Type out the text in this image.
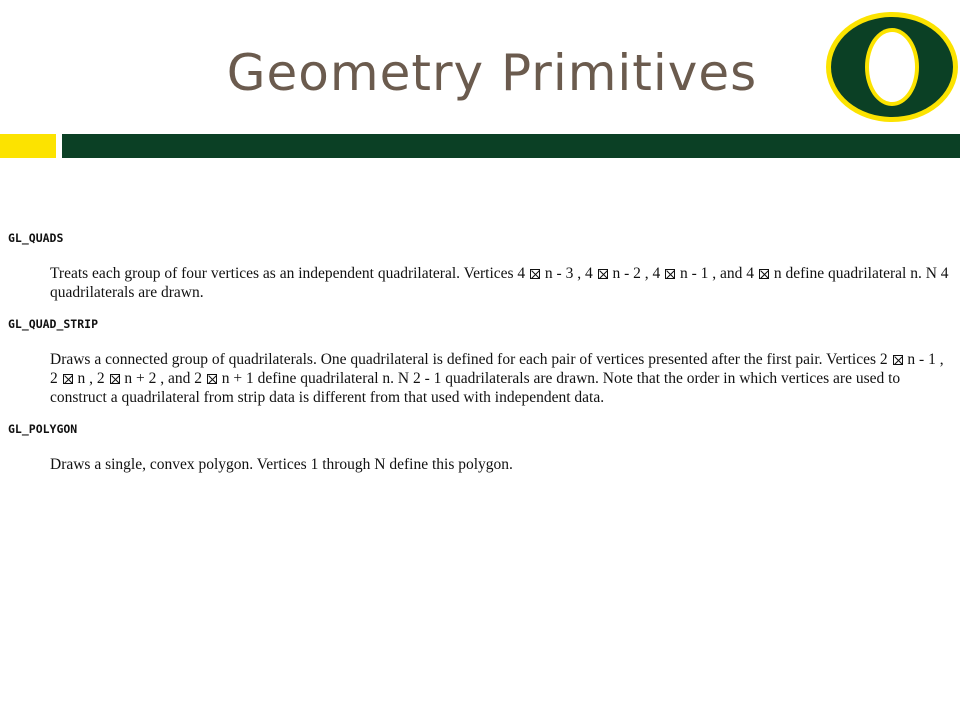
Geometry Primitives

GL_QUADS

Treats each group of four vertices as an independent quadrilateral. Vertices 4 n - 3 , 4 n - 2 , 4 n - 1 , and 4 n define quadrilateral n. N 4 quadrilaterals are drawn.

GL_QUAD_STRIP

Draws a connected group of quadrilaterals. One quadrilateral is defined for each pair of vertices presented after the first pair. Vertices 2 n - 1 , 2 n , 2 n + 2 , and 2 n + 1 define quadrilateral n. N 2 - 1 quadrilaterals are drawn. Note that the order in which vertices are used to construct a quadrilateral from strip data is different from that used with independent data.

GL_POLYGON

Draws a single, convex polygon. Vertices 1 through N define this polygon.
